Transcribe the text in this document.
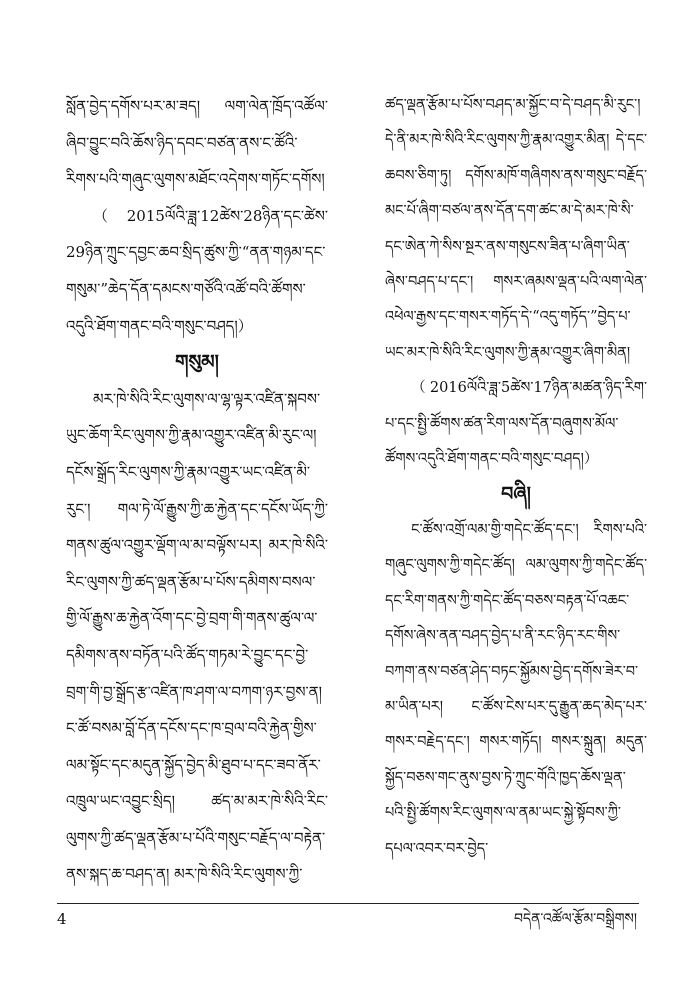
སློན་བྱེད་དགོས་པར་མ་ཟད། ལག་ལེན་ཁྲོད་འཚོལ་ཞིབ་བྱུང་བའི་ཆོས་ཉིད་དབང་བཙན་ནས་ང་ཚོའི་རིགས་པའི་གཞུང་ལུགས་མཐོང་འདེགས་གཏོང་དགོས།

（2015ལོའི་ཟླ་12ཚེས་28ཉིན་དང་ཚེས་29ཉིན་ཀྲུང་དབྱང་ཆབ་སྲིད་ཚུས་ཀྱི་“ནན་གཉམ་དང་གསུམ་”ཆེད་དོན་དམངས་གཙོའི་འཚོ་བའི་ཚོགས་འདུའི་ཐོག་གནང་བའི་གསུང་བཤད།）

གསུམ།

མར་ཁེ་སིའི་རིང་ལུགས་ལ་ལྷ་ལྟར་འཛིན་སྐབས་ཡུང་ཆོག་རིང་ལུགས་ཀྱི་རྣམ་འགྱུར་འཛིན་མི་རུང་ལ། དངོས་སྒྲོད་རིང་ལུགས་ཀྱི་རྣམ་འགྱུར་ཡང་འཛིན་མི་རུང་། གལ་ཏེ་ལོ་རྒྱུས་ཀྱི་ཆ་རྐྱེན་དང་དངོས་ཡོད་ཀྱི་གནས་ཚུལ་འགྱུར་ལྡོག་ལ་མ་བལྟོས་པར། མར་ཁེ་སིའི་རིང་ལུགས་ཀྱི་ཚད་ལྡན་རྩོམ་པ་པོས་དམིགས་བསལ་གྱི་ལོ་རྒྱུས་ཆ་རྐྱེན་འོག་དང་བྱེ་བྲག་གི་གནས་ཚུལ་ལ་དམིགས་ནས་བཏོན་པའི་ཚོད་གཏམ་རེ་བྱུང་དང་བྱེ་བྲག་གི་བྱ་སྒྲོད་རྩ་འཛིན་ཁ་ཤག་ལ་བཀག་ཉར་བྱས་ན། ང་ཚོ་བསམ་བློ་དོན་དངོས་དང་ཁ་བྲལ་བའི་རྐྱེན་གྱིས་ལམ་སྟོང་དང་མདུན་སྐྱོད་བྱེད་མི་ཐུབ་པ་དང་ཟབ་ནོར་འཁྲུལ་ཡང་འབྱུང་སྲིད། ཚད་མ་མར་ཁེ་སིའི་རིང་ལུགས་ཀྱི་ཚད་ལྡན་རྩོམ་པ་པོའི་གསུང་བརྗོད་ལ་བརྟེན་ནས་སྐད་ཆ་བཤད་ན། མར་ཁེ་སིའི་རིང་ལུགས་ཀྱི་

ཚད་ལྡན་རྩོམ་པ་པོས་བཤད་མ་སྐྱོང་བ་དེ་བཤད་མི་རུང་། དེ་ནི་མར་ཁེ་སིའི་རིང་ལུགས་ཀྱི་རྣམ་འགྱུར་མིན། དེ་དང་ཆབས་ཅིག་ཏུ། དགོས་མཁོ་གཞིགས་ནས་གསུང་བརྗོད་མང་པོ་ཞིག་བཙལ་ནས་དོན་དག་ཚང་མ་དེ་མར་ཁེ་སི་དང་ཨེན་ཀེ་སིས་སྔར་ནས་གསུངས་ཟིན་པ་ཞིག་ཡིན་ཞེས་བཤད་པ་དང་། གསར་ཞམས་ལྡན་པའི་ལག་ལེན་འཕེལ་རྒྱས་དང་གསར་གཏོད་དེ་“འདུ་གཏོད་”བྱེད་པ་ཡང་མར་ཁེ་སིའི་རིང་ལུགས་ཀྱི་རྣམ་འགྱུར་ཞིག་མིན།

（2016ལོའི་ཟླ་5ཚེས་17ཉིན་མཚན་ཉིད་རིག་པ་དང་སྤྱི་ཚོགས་ཚན་རིག་ལས་དོན་བཞུགས་མོལ་ཚོགས་འདུའི་ཐོག་གནང་བའི་གསུང་བཤད།）

བཞི།

ང་ཚོས་འགྲོ་ལམ་གྱི་གདེང་ཚོད་དང་། རིགས་པའི་གཞུང་ལུགས་ཀྱི་གདེང་ཚོད། ལམ་ལུགས་ཀྱི་གདེང་ཚོད་དང་རིག་གནས་ཀྱི་གདེང་ཚོད་བཅས་བརྟན་པོ་འཆང་དགོས་ཞེས་ནན་བཤད་བྱེད་པ་ནི་རང་ཉིད་རང་གིས་བཀག་ནས་བཙན་ཤེད་བཏང་སྐྱོམས་བྱེད་དགོས་ཟེར་བ་མ་ཡིན་པར། ང་ཚོས་ངེས་པར་དུ་རྒྱུན་ཆད་མེད་པར་གསར་བརྗེད་དང་། གསར་གཏོད། གསར་སྐྲུན། མདུན་སྐྱོད་བཅས་གང་ནུས་བྱས་ཏེ་ཀྲུང་གོའི་ཁྱད་ཆོས་ལྡན་པའི་སྤྱི་ཚོགས་རིང་ལུགས་ལ་ནམ་ཡང་སྐྱེ་སྟོབས་ཀྱི་དཔལ་འབར་བར་བྱེད་

4	བདེན་འཚོལ་རྩོམ་བསྒྲིགས།
